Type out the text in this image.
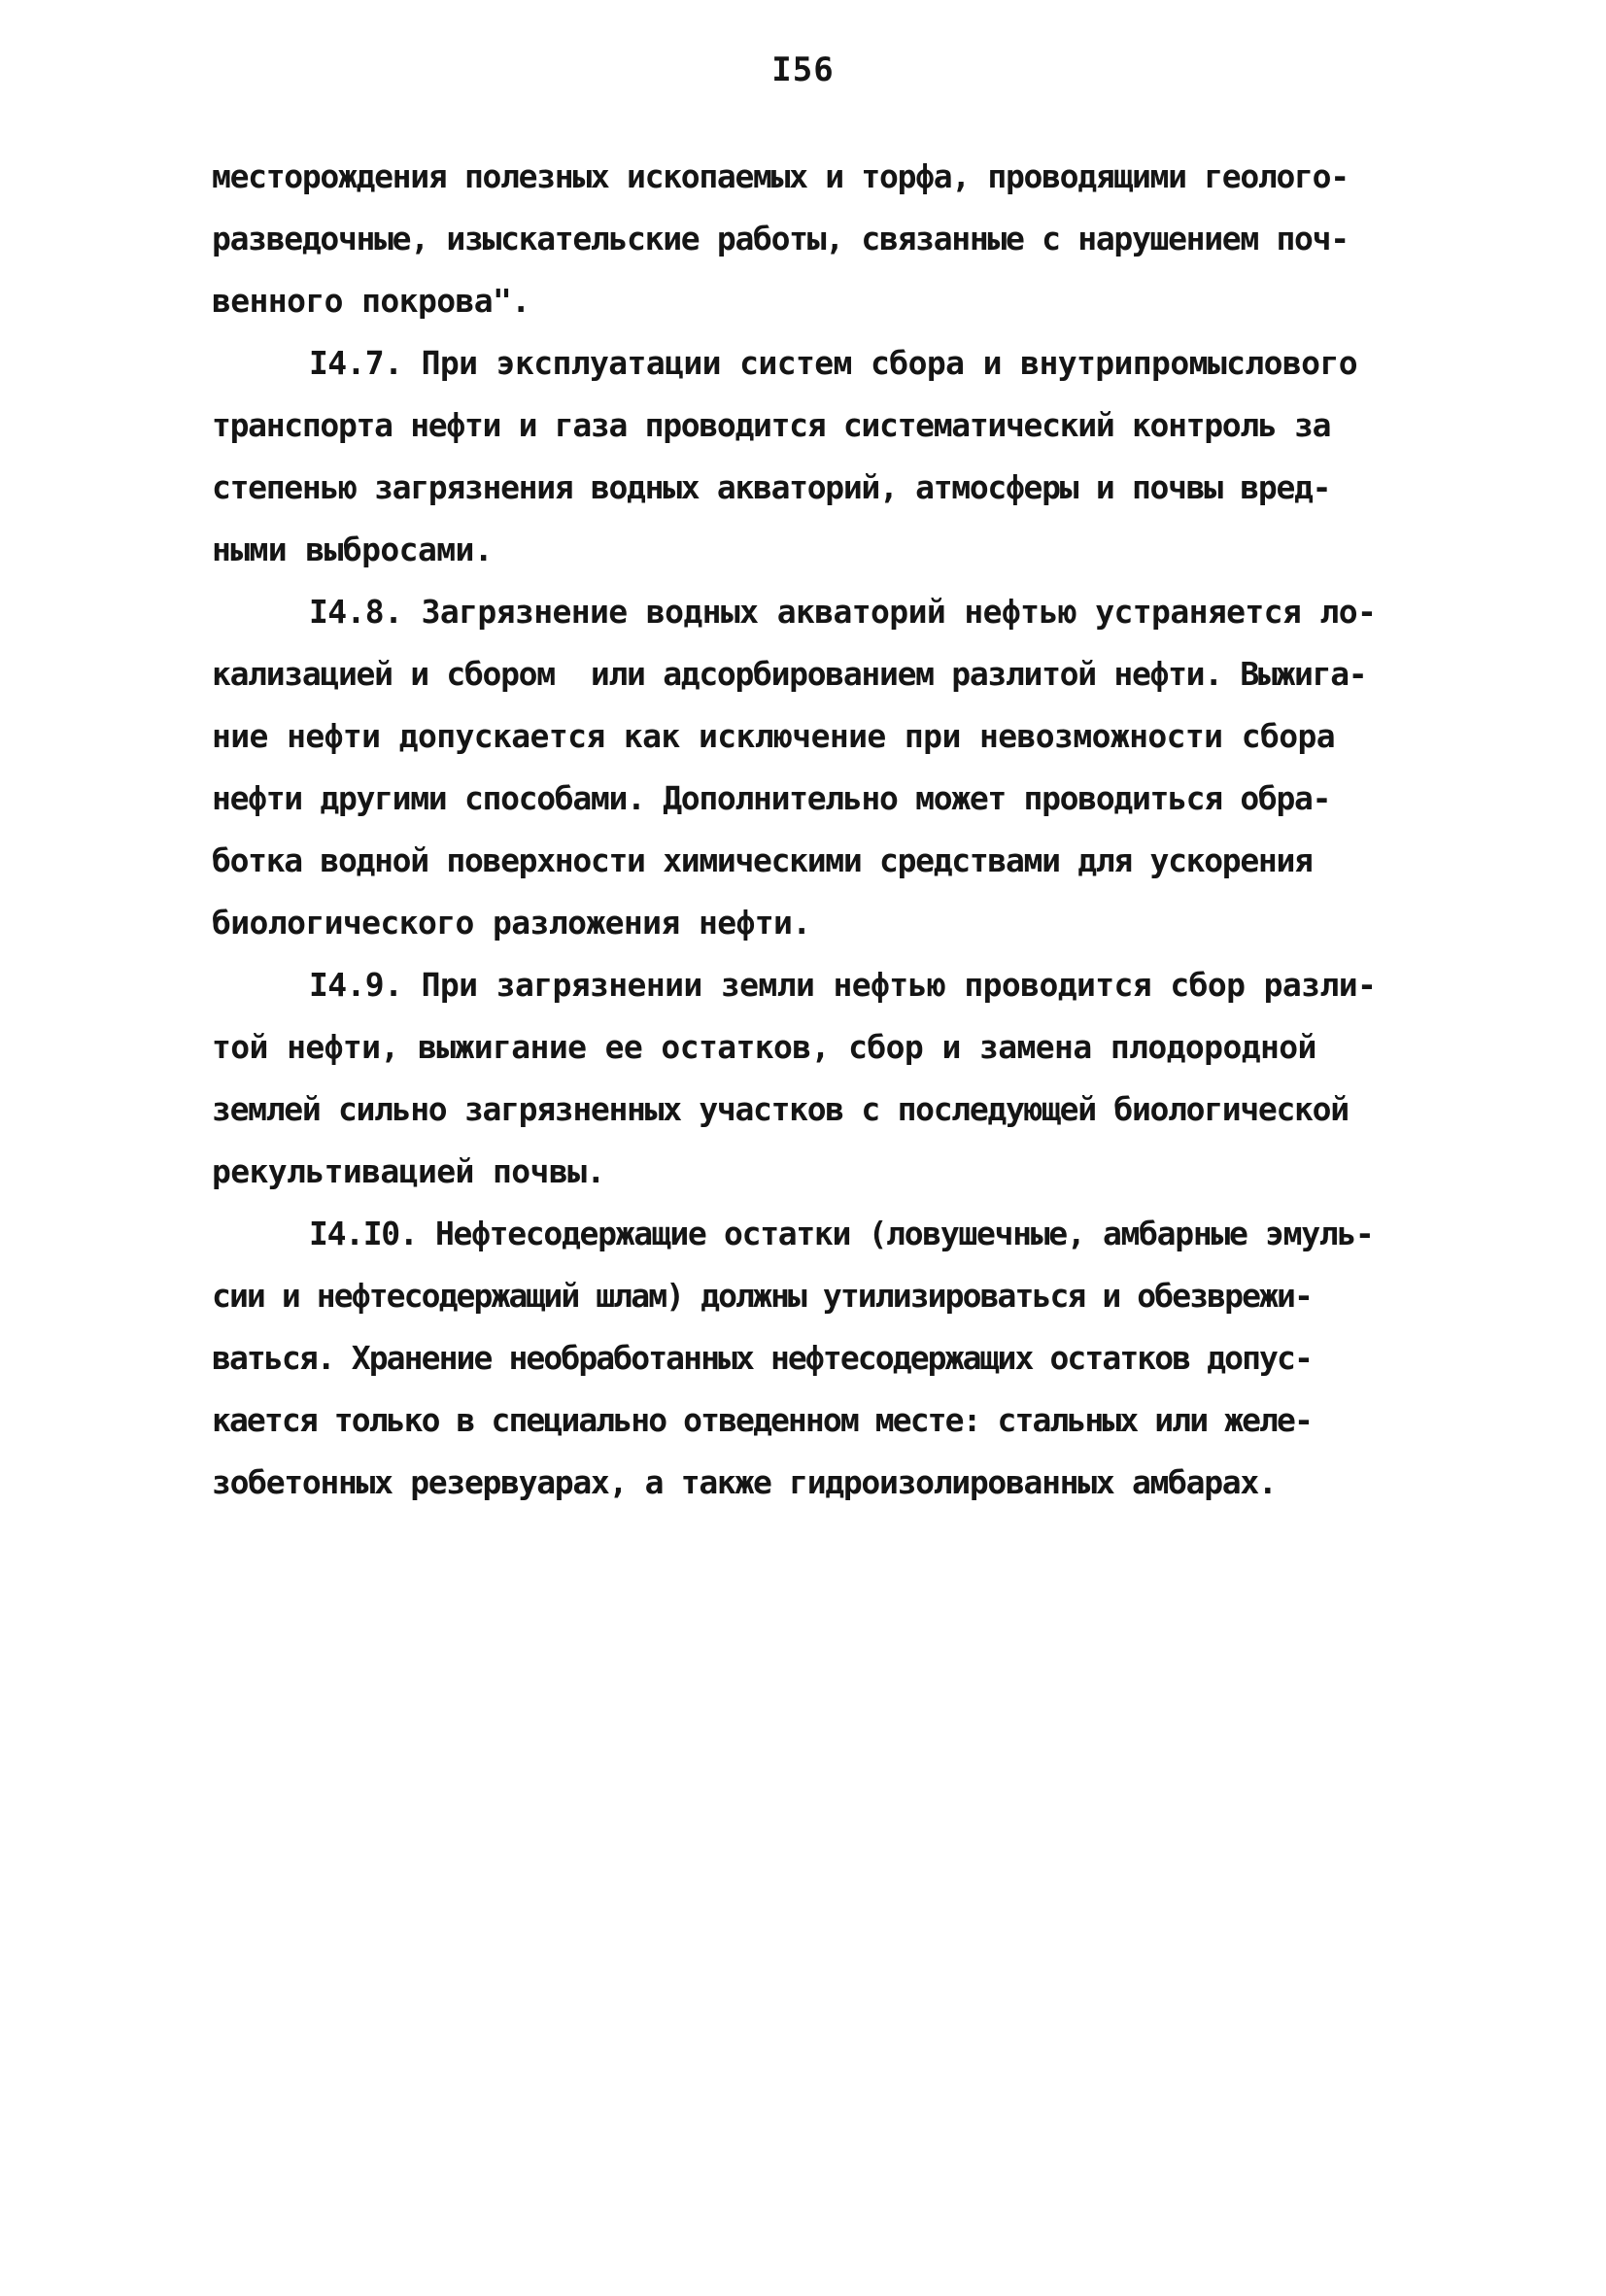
I56
месторождения полезных ископаемых и торфа, проводящими геолого-
разведочные, изыскательские работы, связанные с нарушением поч-
венного покрова".
I4.7. При эксплуатации систем сбора и внутрипромыслового
транспорта нефти и газа проводится систематический контроль за
степенью загрязнения водных акваторий, атмосферы и почвы вред-
ными выбросами.
I4.8. Загрязнение водных акваторий нефтью устраняется ло-
кализацией и сбором  или адсорбированием разлитой нефти. Выжига-
ние нефти допускается как исключение при невозможности сбора
нефти другими способами. Дополнительно может проводиться обра-
ботка водной поверхности химическими средствами для ускорения
биологического разложения нефти.
I4.9. При загрязнении земли нефтью проводится сбор разли-
той нефти, выжигание ее остатков, сбор и замена плодородной
землей сильно загрязненных участков с последующей биологической
рекультивацией почвы.
I4.I0. Нефтесодержащие остатки (ловушечные, амбарные эмуль-
сии и нефтесодержащий шлам) должны утилизироваться и обезврежи-
ваться. Хранение необработанных нефтесодержащих остатков допус-
кается только в специально отведенном месте: стальных или желе-
зобетонных резервуарах, а также гидроизолированных амбарах.
